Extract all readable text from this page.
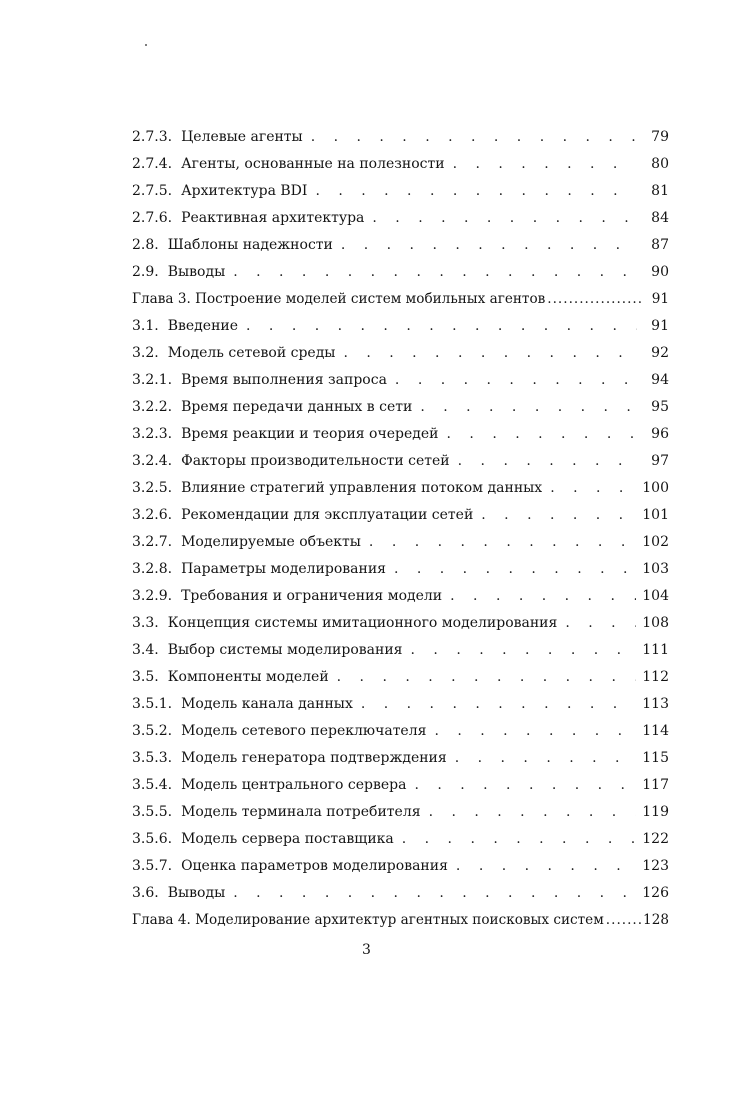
2.7.3. Целевые агенты . . .	79
2.7.4. Агенты, основанные на полезности . . .	80
2.7.5. Архитектура BDI . . .	81
2.7.6. Реактивная архитектура . . .	84
2.8. Шаблоны надежности . . .	87
2.9. Выводы . . .	90
Глава 3. Построение моделей систем мобильных агентов .....	91
3.1. Введение . . .	91
3.2. Модель сетевой среды . . .	92
3.2.1. Время выполнения запроса . . .	94
3.2.2. Время передачи данных в сети . . .	95
3.2.3. Время реакции и теория очередей . . .	96
3.2.4. Факторы производительности сетей . . .	97
3.2.5. Влияние стратегий управления потоком данных . . .	100
3.2.6. Рекомендации для эксплуатации сетей . . .	101
3.2.7. Моделируемые объекты . . .	102
3.2.8. Параметры моделирования . . .	103
3.2.9. Требования и ограничения модели . . .	104
3.3. Концепция системы имитационного моделирования . . .	108
3.4. Выбор системы моделирования . . .	111
3.5. Компоненты моделей . . .	112
3.5.1. Модель канала данных . . .	113
3.5.2. Модель сетевого переключателя . . .	114
3.5.3. Модель генератора подтверждения . . .	115
3.5.4. Модель центрального сервера . . .	117
3.5.5. Модель терминала потребителя . . .	119
3.5.6. Модель сервера поставщика . . .	122
3.5.7. Оценка параметров моделирования . . .	123
3.6. Выводы . . .	126
Глава 4. Моделирование архитектур агентных поисковых систем .....	128
3
